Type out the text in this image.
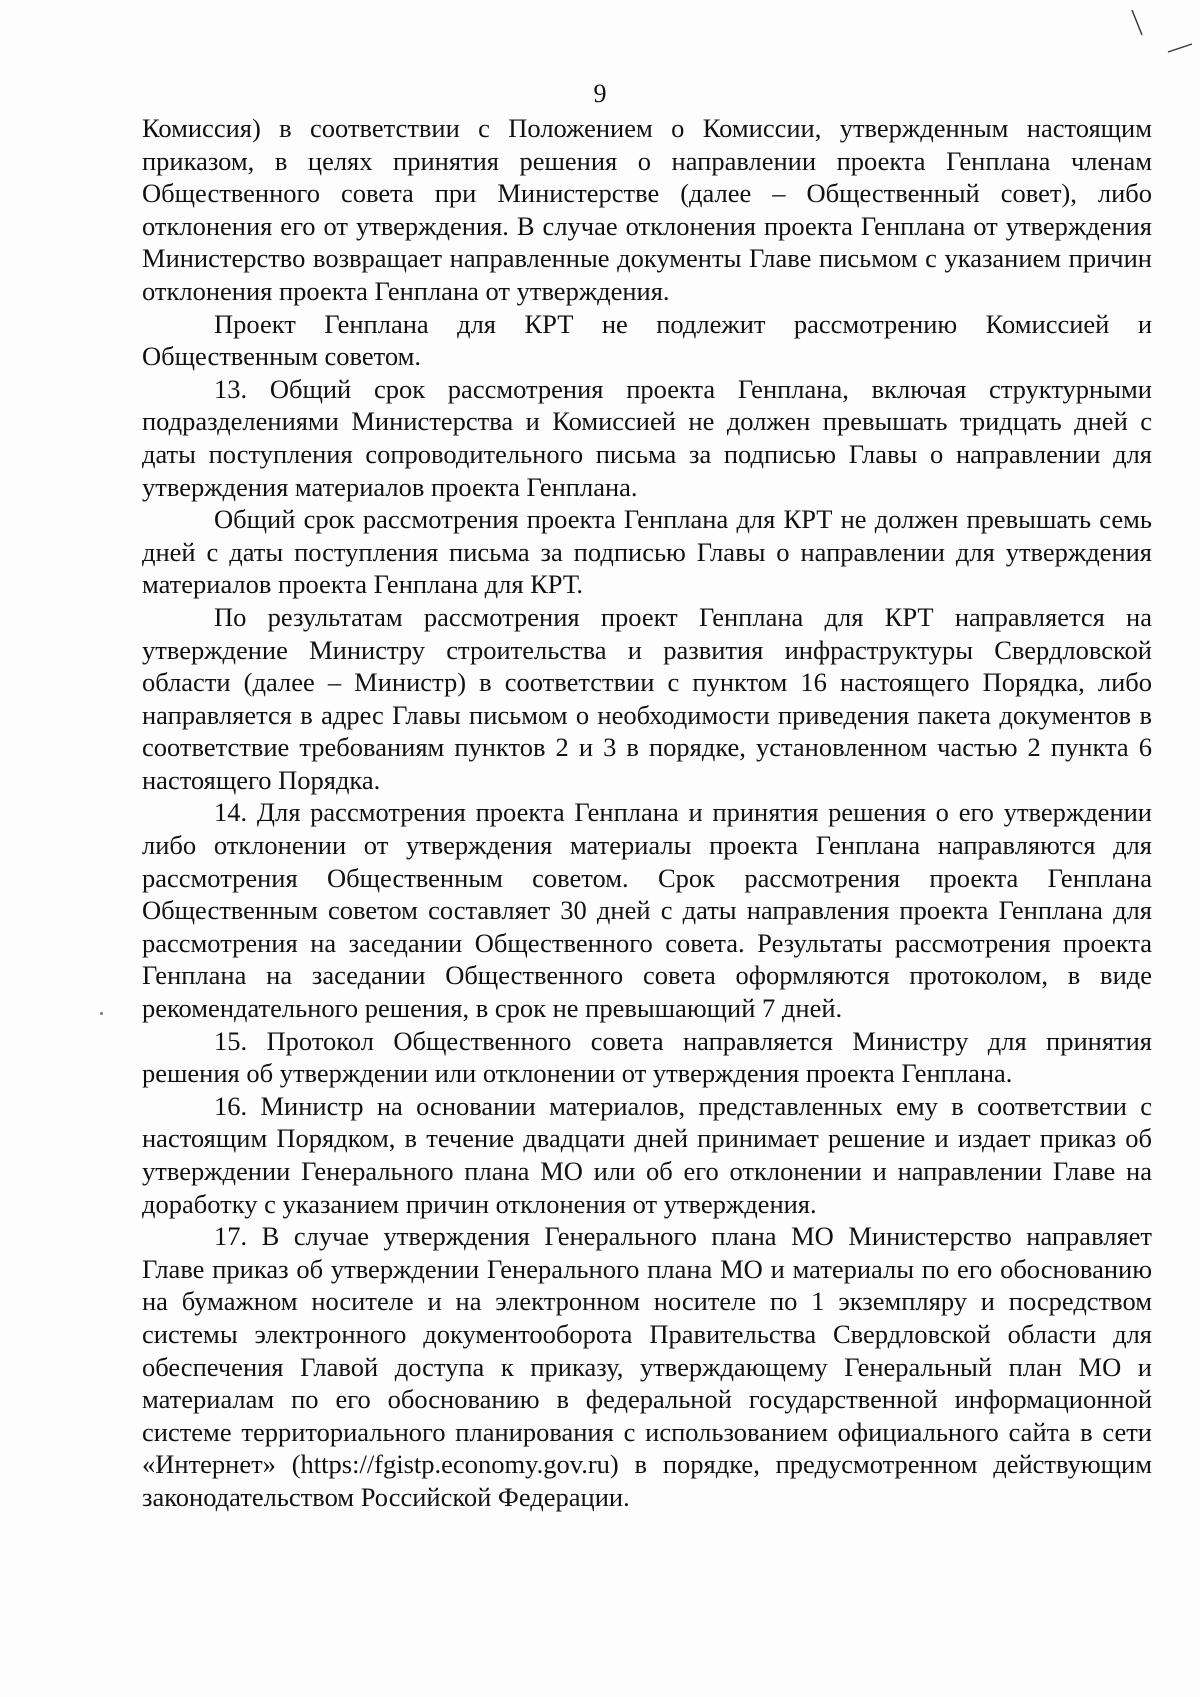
9

Комиссия) в соответствии с Положением о Комиссии, утвержденным настоящим приказом, в целях принятия решения о направлении проекта Генплана членам Общественного совета при Министерстве (далее – Общественный совет), либо отклонения его от утверждения. В случае отклонения проекта Генплана от утверждения Министерство возвращает направленные документы Главе письмом с указанием причин отклонения проекта Генплана от утверждения.

Проект Генплана для КРТ не подлежит рассмотрению Комиссией и Общественным советом.

13. Общий срок рассмотрения проекта Генплана, включая структурными подразделениями Министерства и Комиссией не должен превышать тридцать дней с даты поступления сопроводительного письма за подписью Главы о направлении для утверждения материалов проекта Генплана.

Общий срок рассмотрения проекта Генплана для КРТ не должен превышать семь дней с даты поступления письма за подписью Главы о направлении для утверждения материалов проекта Генплана для КРТ.

По результатам рассмотрения проект Генплана для КРТ направляется на утверждение Министру строительства и развития инфраструктуры Свердловской области (далее – Министр) в соответствии с пунктом 16 настоящего Порядка, либо направляется в адрес Главы письмом о необходимости приведения пакета документов в соответствие требованиям пунктов 2 и 3 в порядке, установленном частью 2 пункта 6 настоящего Порядка.

14. Для рассмотрения проекта Генплана и принятия решения о его утверждении либо отклонении от утверждения материалы проекта Генплана направляются для рассмотрения Общественным советом. Срок рассмотрения проекта Генплана Общественным советом составляет 30 дней с даты направления проекта Генплана для рассмотрения на заседании Общественного совета. Результаты рассмотрения проекта Генплана на заседании Общественного совета оформляются протоколом, в виде рекомендательного решения, в срок не превышающий 7 дней.

15. Протокол Общественного совета направляется Министру для принятия решения об утверждении или отклонении от утверждения проекта Генплана.

16. Министр на основании материалов, представленных ему в соответствии с настоящим Порядком, в течение двадцати дней принимает решение и издает приказ об утверждении Генерального плана МО или об его отклонении и направлении Главе на доработку с указанием причин отклонения от утверждения.

17. В случае утверждения Генерального плана МО Министерство направляет Главе приказ об утверждении Генерального плана МО и материалы по его обоснованию на бумажном носителе и на электронном носителе по 1 экземпляру и посредством системы электронного документооборота Правительства Свердловской области для обеспечения Главой доступа к приказу, утверждающему Генеральный план МО и материалам по его обоснованию в федеральной государственной информационной системе территориального планирования с использованием официального сайта в сети «Интернет» (https://fgistp.economy.gov.ru) в порядке, предусмотренном действующим законодательством Российской Федерации.
